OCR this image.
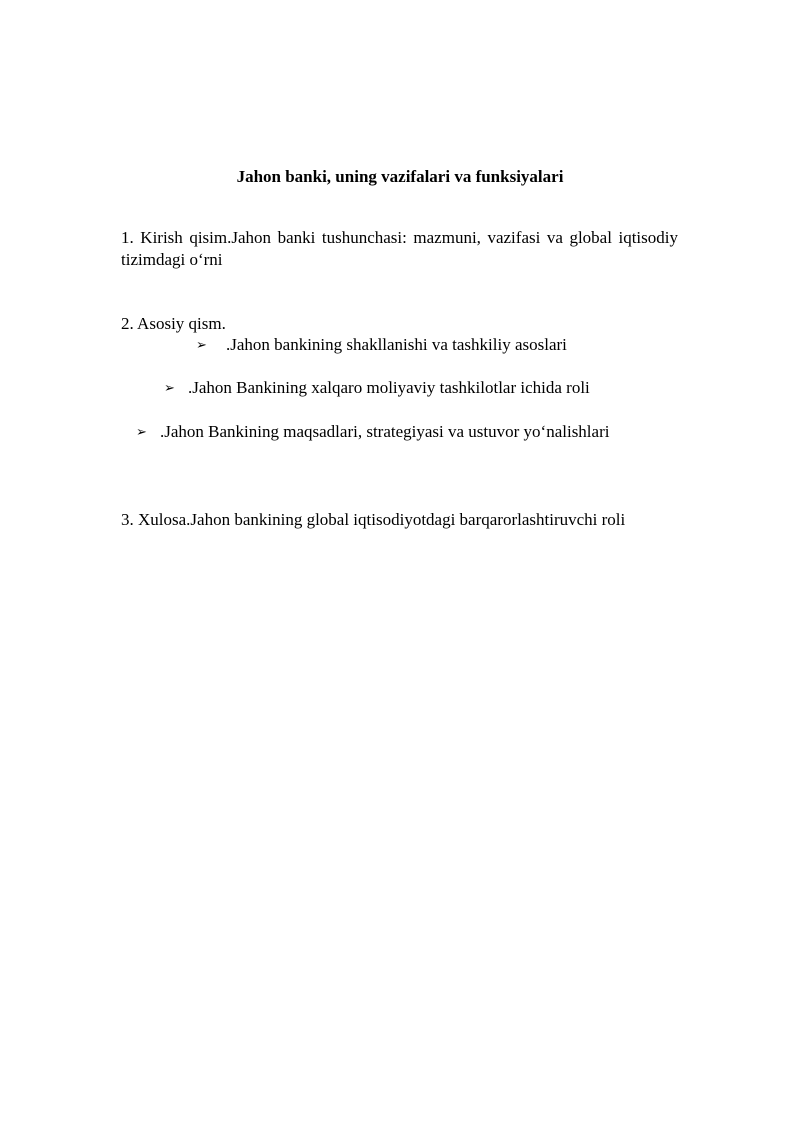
Jahon banki, uning vazifalari va funksiyalari
1. Kirish qisim.Jahon banki tushunchasi: mazmuni, vazifasi va global iqtisodiy tizimdagi o‘rni
2. Asosiy qism.
➢ .Jahon bankining shakllanishi va tashkiliy asoslari
➢ .Jahon Bankining xalqaro moliyaviy tashkilotlar ichida roli
➢ .Jahon Bankining maqsadlari, strategiyasi va ustuvor yo‘nalishlari
3. Xulosa.Jahon bankining global iqtisodiyotdagi barqarorlashtiruvchi roli
